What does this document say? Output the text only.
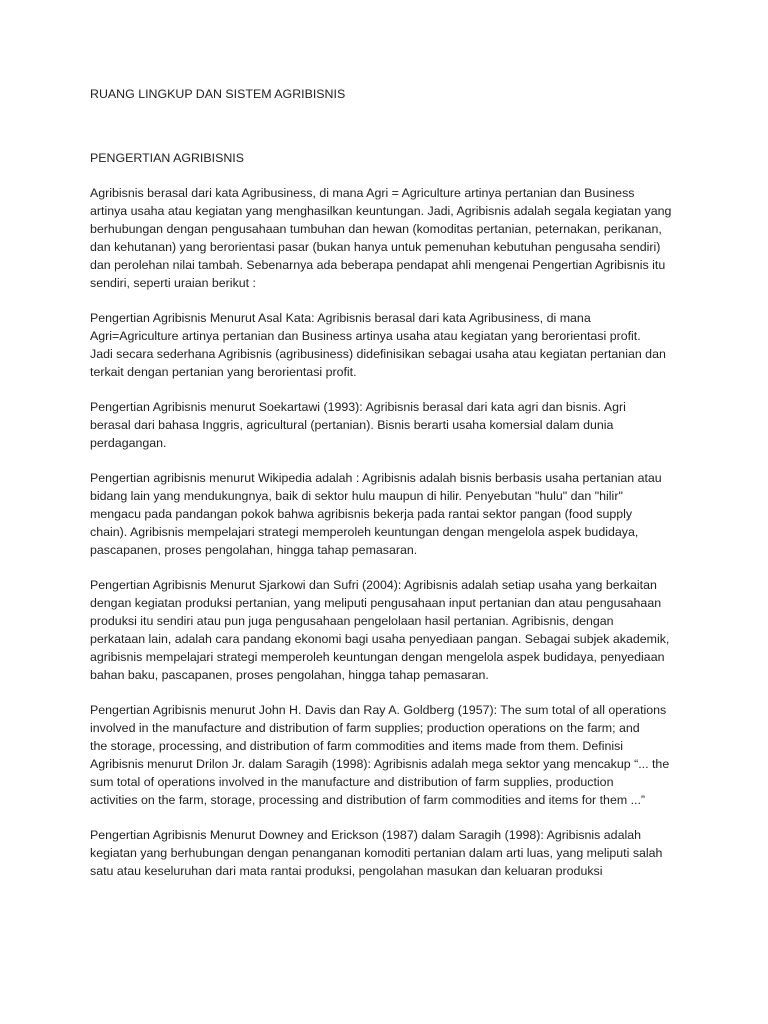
RUANG LINGKUP DAN SISTEM AGRIBISNIS
PENGERTIAN AGRIBISNIS

Agribisnis berasal dari kata Agribusiness, di mana Agri = Agriculture artinya pertanian dan Business
artinya usaha atau kegiatan yang menghasilkan keuntungan. Jadi, Agribisnis adalah segala kegiatan yang
berhubungan dengan pengusahaan tumbuhan dan hewan (komoditas pertanian, peternakan, perikanan,
dan kehutanan) yang berorientasi pasar (bukan hanya untuk pemenuhan kebutuhan pengusaha sendiri)
dan perolehan nilai tambah. Sebenarnya ada beberapa pendapat ahli mengenai Pengertian Agribisnis itu
sendiri, seperti uraian berikut :

Pengertian Agribisnis Menurut Asal Kata: Agribisnis berasal dari kata Agribusiness, di mana
Agri=Agriculture artinya pertanian dan Business artinya usaha atau kegiatan yang berorientasi profit.
Jadi secara sederhana Agribisnis (agribusiness) didefinisikan sebagai usaha atau kegiatan pertanian dan
terkait dengan pertanian yang berorientasi profit.

Pengertian Agribisnis menurut Soekartawi (1993): Agribisnis berasal dari kata agri dan bisnis. Agri
berasal dari bahasa Inggris, agricultural (pertanian). Bisnis berarti usaha komersial dalam dunia
perdagangan.

Pengertian agribisnis menurut Wikipedia adalah : Agribisnis adalah bisnis berbasis usaha pertanian atau
bidang lain yang mendukungnya, baik di sektor hulu maupun di hilir. Penyebutan "hulu" dan "hilir"
mengacu pada pandangan pokok bahwa agribisnis bekerja pada rantai sektor pangan (food supply
chain). Agribisnis mempelajari strategi memperoleh keuntungan dengan mengelola aspek budidaya,
pascapanen, proses pengolahan, hingga tahap pemasaran.

Pengertian Agribisnis Menurut Sjarkowi dan Sufri (2004): Agribisnis adalah setiap usaha yang berkaitan
dengan kegiatan produksi pertanian, yang meliputi pengusahaan input pertanian dan atau pengusahaan
produksi itu sendiri atau pun juga pengusahaan pengelolaan hasil pertanian. Agribisnis, dengan
perkataan lain, adalah cara pandang ekonomi bagi usaha penyediaan pangan. Sebagai subjek akademik,
agribisnis mempelajari strategi memperoleh keuntungan dengan mengelola aspek budidaya, penyediaan
bahan baku, pascapanen, proses pengolahan, hingga tahap pemasaran.

Pengertian Agribisnis menurut John H. Davis dan Ray A. Goldberg (1957): The sum total of all operations
involved in the manufacture and distribution of farm supplies; production operations on the farm; and
the storage, processing, and distribution of farm commodities and items made from them. Definisi
Agribisnis menurut Drilon Jr. dalam Saragih (1998): Agribisnis adalah mega sektor yang mencakup “... the
sum total of operations involved in the manufacture and distribution of farm supplies, production
activities on the farm, storage, processing and distribution of farm commodities and items for them ...”

Pengertian Agribisnis Menurut Downey and Erickson (1987) dalam Saragih (1998): Agribisnis adalah
kegiatan yang berhubungan dengan penanganan komoditi pertanian dalam arti luas, yang meliputi salah
satu atau keseluruhan dari mata rantai produksi, pengolahan masukan dan keluaran produksi
